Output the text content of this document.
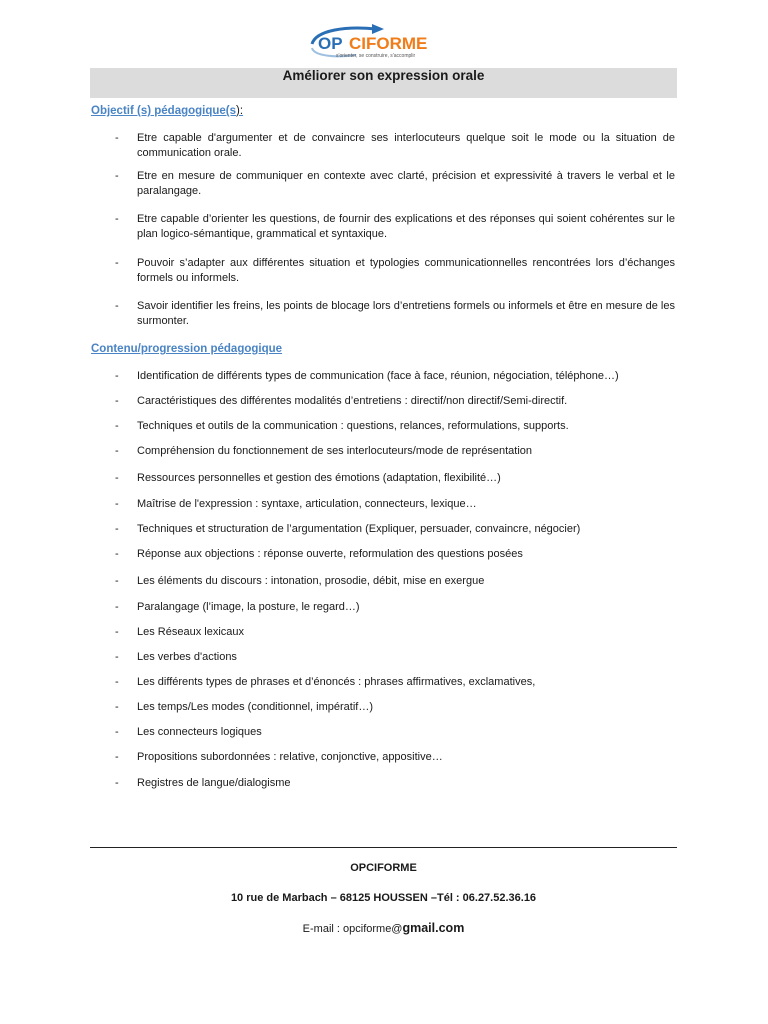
OP CIFORME
s'orienter, se construire, s'accomplir
Améliorer son expression orale
Objectif (s) pédagogique(s):
- Etre capable d'argumenter et de convaincre ses interlocuteurs quelque soit le mode ou la situation de communication orale.
- Etre en mesure de communiquer en contexte avec clarté, précision et expressivité à travers le verbal et le paralangage.
- Etre capable d’orienter les questions, de fournir des explications et des réponses qui soient cohérentes sur le plan logico-sémantique, grammatical et syntaxique.
- Pouvoir s’adapter aux différentes situation et typologies communicationnelles rencontrées lors d’échanges formels ou informels.
- Savoir identifier les freins, les points de blocage lors d’entretiens formels ou informels et être en mesure de les surmonter.
Contenu/progression pédagogique
- Identification de différents types de communication (face à face, réunion, négociation, téléphone…)
- Caractéristiques des différentes modalités d’entretiens : directif/non directif/Semi-directif.
- Techniques et outils de la communication : questions, relances, reformulations, supports.
- Compréhension du fonctionnement de ses interlocuteurs/mode de représentation
- Ressources personnelles et gestion des émotions (adaptation, flexibilité…)
- Maîtrise de l'expression : syntaxe, articulation, connecteurs, lexique…
- Techniques et structuration de l’argumentation (Expliquer, persuader, convaincre, négocier)
- Réponse aux objections : réponse ouverte, reformulation des questions posées
- Les éléments du discours : intonation, prosodie, débit, mise en exergue
- Paralangage (l’image, la posture, le regard…)
- Les Réseaux lexicaux
- Les verbes d'actions
- Les différents types de phrases et d’énoncés : phrases affirmatives, exclamatives,
- Les temps/Les modes (conditionnel, impératif…)
- Les connecteurs logiques
- Propositions subordonnées : relative, conjonctive, appositive…
- Registres de langue/dialogisme
OPCIFORME
10 rue de Marbach – 68125 HOUSSEN –Tél : 06.27.52.36.16
E-mail : opciforme@gmail.com
